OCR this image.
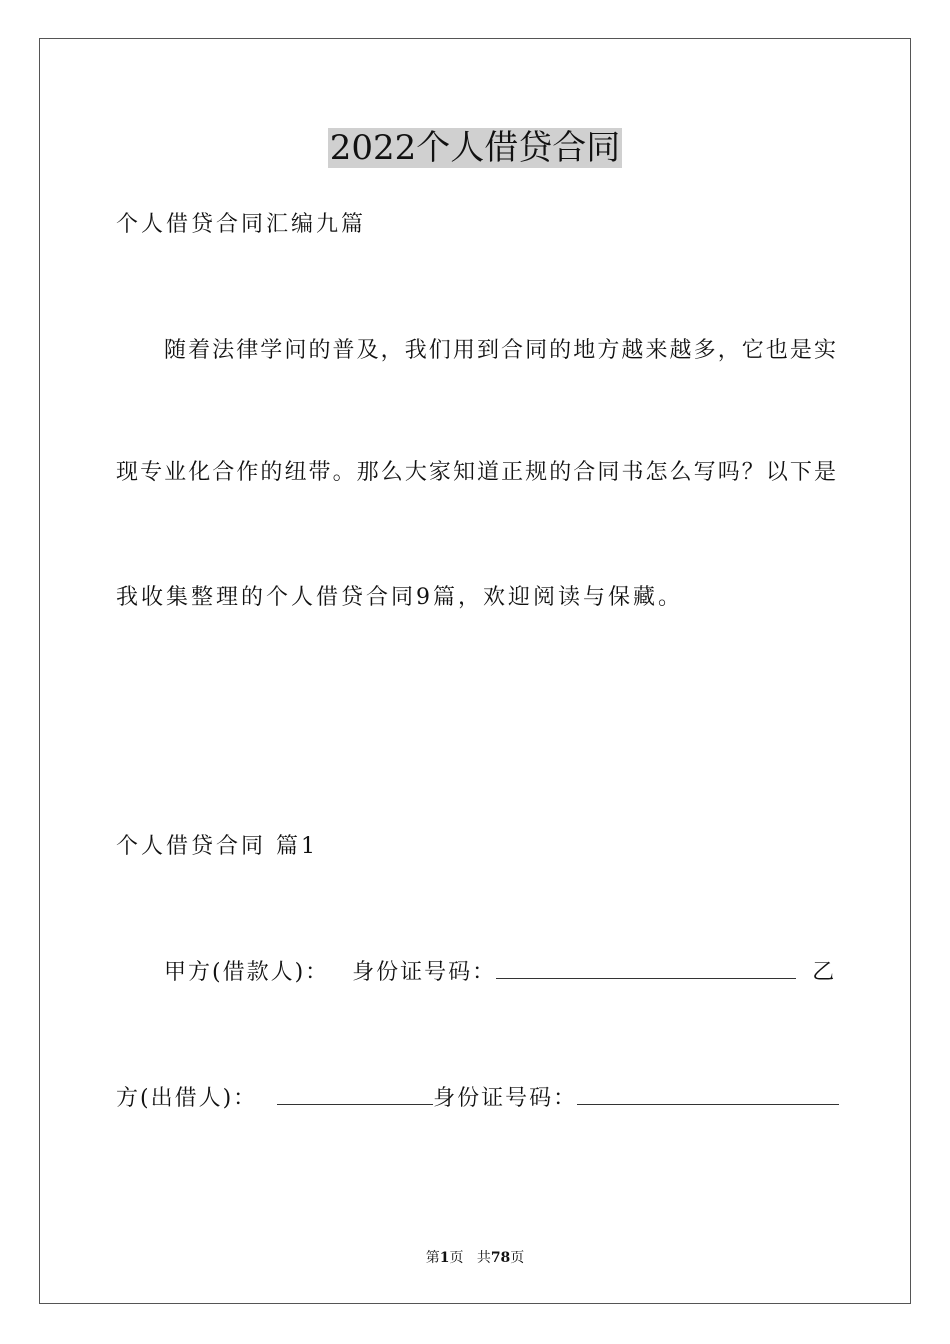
2022个人借贷合同

个人借贷合同汇编九篇

随着法律学问的普及，我们用到合同的地方越来越多，它也是实

现专业化合作的纽带。那么大家知道正规的合同书怎么写吗？以下是

我收集整理的个人借贷合同9篇，欢迎阅读与保藏。

个人借贷合同 篇1

甲方(借款人)： 身份证号码：	乙
方(出借人)：	身份证号码：

第1页 共78页
